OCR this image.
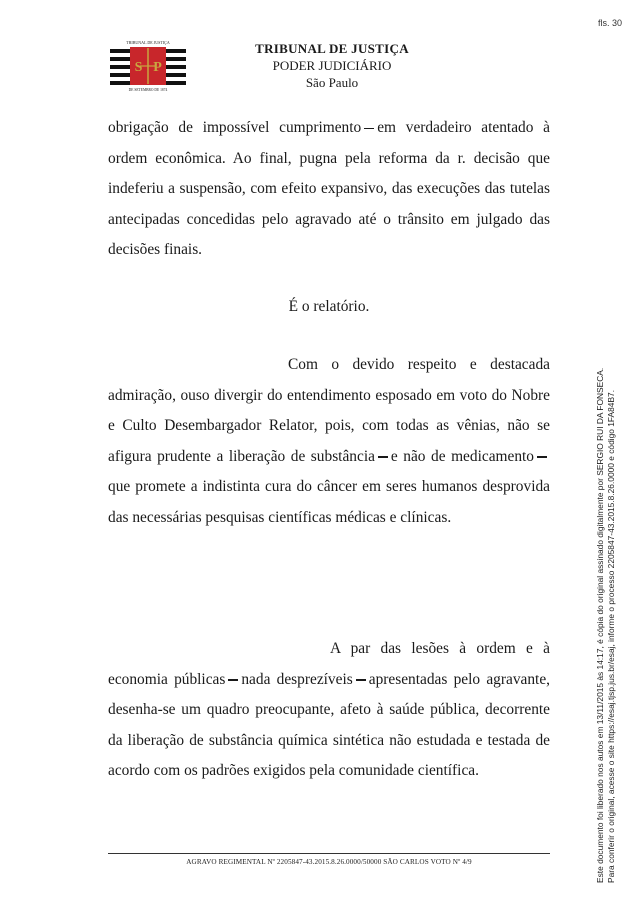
fls. 30
TRIBUNAL DE JUSTIÇA
S P
DE SETEMBRO DE 1874
TRIBUNAL DE JUSTIÇA
PODER JUDICIÁRIO
São Paulo
obrigação de impossível cumprimento em verdadeiro atentado à ordem econômica. Ao final, pugna pela reforma da r. decisão que indeferiu a suspensão, com efeito expansivo, das execuções das tutelas antecipadas concedidas pelo agravado até o trânsito em julgado das decisões finais.
É o relatório.
Com o devido respeito e destacada admiração, ouso divergir do entendimento esposado em voto do Nobre e Culto Desembargador Relator, pois, com todas as vênias, não se afigura prudente a liberação de substância e não de medicamentoque promete a indistinta cura do câncer em seres humanos desprovida das necessárias pesquisas científicas médicas e clínicas.
A par das lesões à ordem e à economia públicas nada desprezíveis apresentadas pelo agravante, desenha-se um quadro preocupante, afeto à saúde pública, decorrente da liberação de substância química sintética não estudada e testada de acordo com os padrões exigidos pela comunidade científica.
AGRAVO REGIMENTAL Nº 2205847-43.2015.8.26.0000/50000 SÃO CARLOS VOTO Nº 4/9	Este documento foi liberado nos autos em 13/11/2015 às 14:17, é cópia do original assinado digitalmente por SERGIO RUI DA FONSECA. Para conferir o original, acesse o site https://esaj.tjsp.jus.br/esaj, informe o processo 2205847-43.2015.8.26.0000 e código 1FA84B7.
